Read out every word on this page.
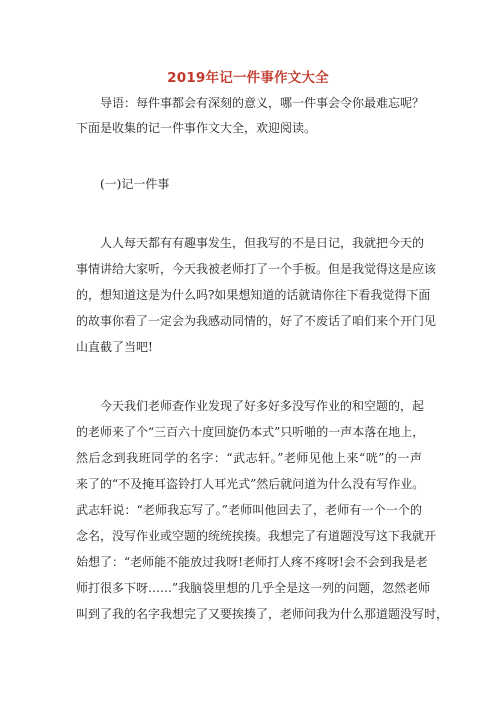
2019年记一件事作文大全
导语：每件事都会有深刻的意义，哪一件事会令你最难忘呢？
下面是收集的记一件事作文大全，欢迎阅读。
(一)记一件事
人人每天都有有趣事发生，但我写的不是日记，我就把今天的
事情讲给大家听，今天我被老师打了一个手板。但是我觉得这是应该
的，想知道这是为什么吗?如果想知道的话就请你往下看我觉得下面
的故事你看了一定会为我感动同情的，好了不废话了咱们来个开门见
山直截了当吧!
今天我们老师查作业发现了好多好多没写作业的和空题的，起
的老师来了个“三百六十度回旋仍本式”只听啪的一声本落在地上，
然后念到我班同学的名字：“武志轩。”老师见他上来“咣”的一声
来了的“不及掩耳盗铃打人耳光式”然后就问道为什么没有写作业。
武志轩说：“老师我忘写了。”老师叫他回去了，老师有一个一个的
念名，没写作业或空题的统统挨揍。我想完了有道题没写这下我就开
始想了：“老师能不能放过我呀!老师打人疼不疼呀!会不会到我是老
师打很多下呀……”我脑袋里想的几乎全是这一列的问题，忽然老师
叫到了我的名字我想完了又要挨揍了，老师问我为什么那道题没写时，
